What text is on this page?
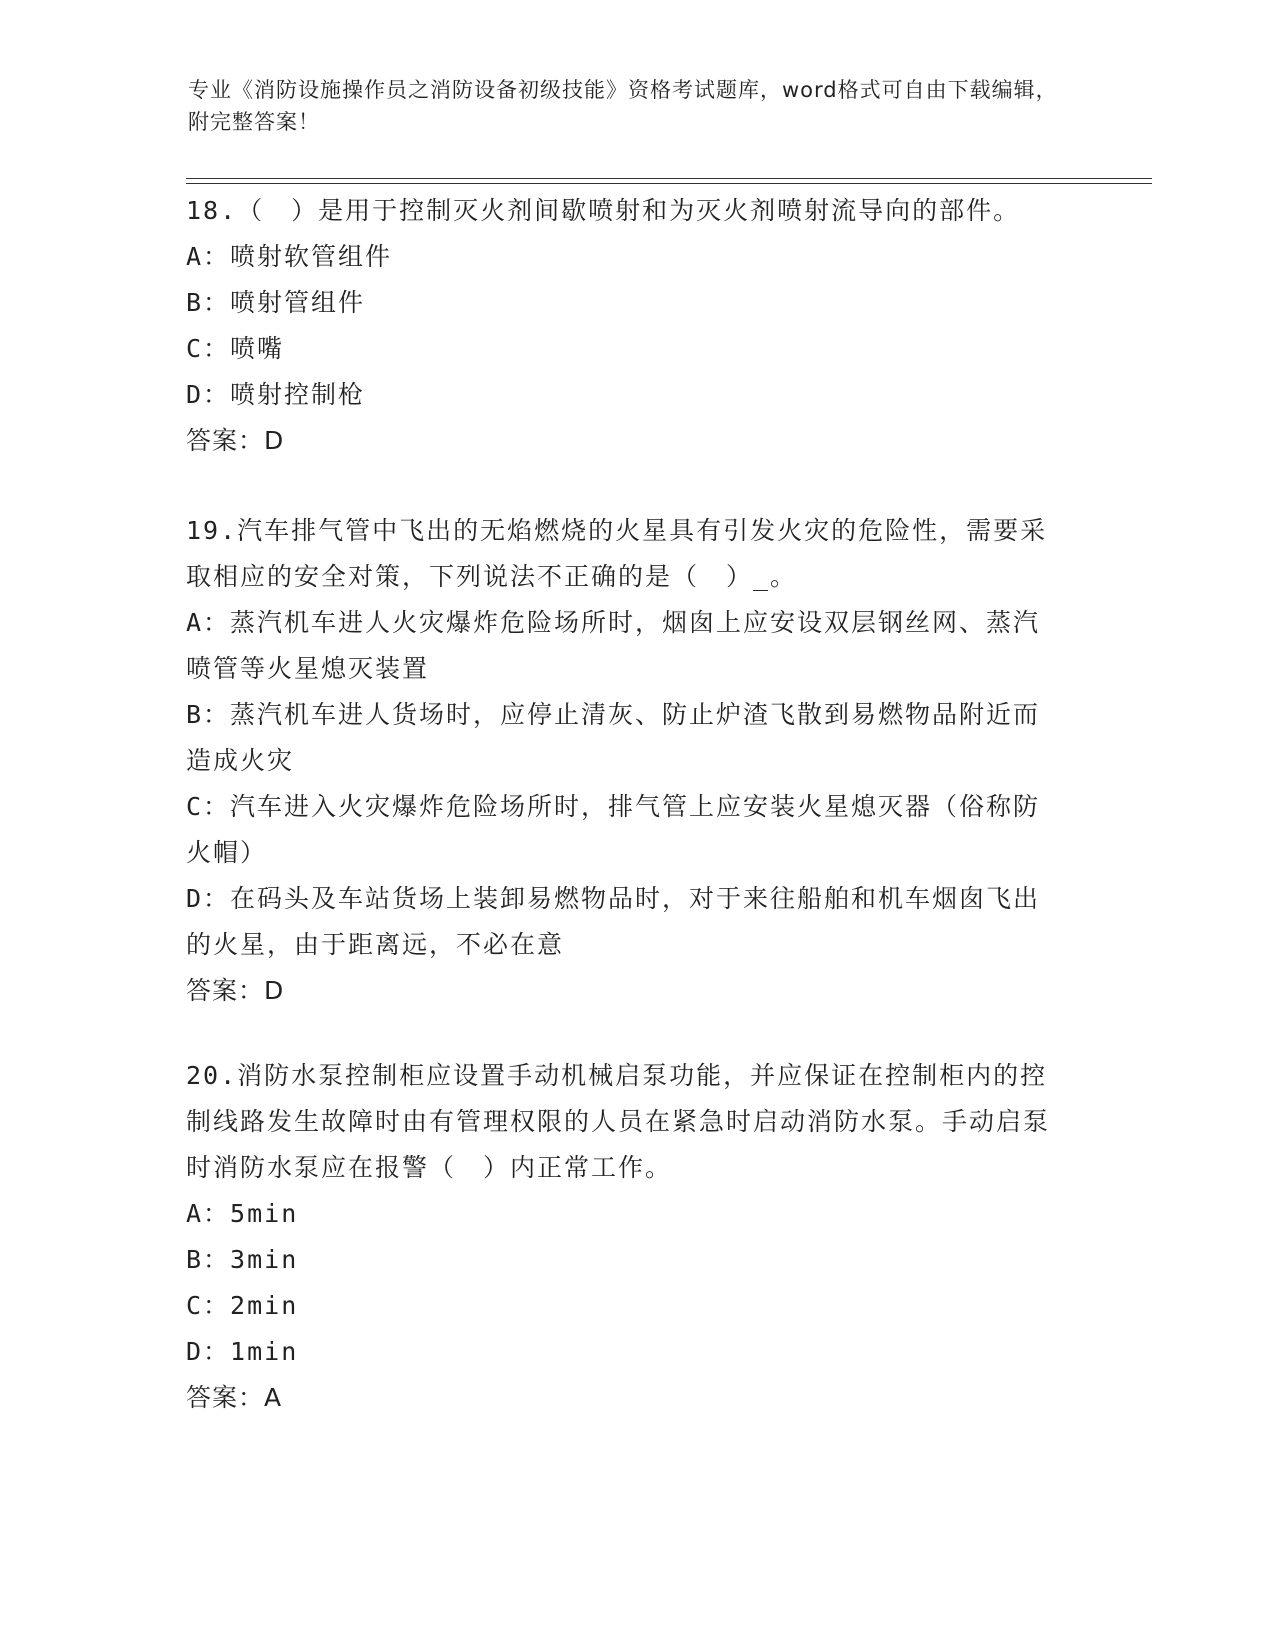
专业《消防设施操作员之消防设备初级技能》资格考试题库，word格式可自由下载编辑，附完整答案！

18.（　）是用于控制灭火剂间歇喷射和为灭火剂喷射流导向的部件。

A：喷射软管组件

B：喷射管组件

C：喷嘴

D：喷射控制枪

答案：D

19.汽车排气管中飞出的无焰燃烧的火星具有引发火灾的危险性，需要采取相应的安全对策，下列说法不正确的是（　）_。

A：蒸汽机车进人火灾爆炸危险场所时，烟囱上应安设双层钢丝网、蒸汽喷管等火星熄灭装置

B：蒸汽机车进人货场时，应停止清灰、防止炉渣飞散到易燃物品附近而造成火灾

C：汽车进入火灾爆炸危险场所时，排气管上应安装火星熄灭器（俗称防火帽）

D：在码头及车站货场上装卸易燃物品时，对于来往船舶和机车烟囱飞出的火星，由于距离远，不必在意

答案：D

20.消防水泵控制柜应设置手动机械启泵功能，并应保证在控制柜内的控制线路发生故障时由有管理权限的人员在紧急时启动消防水泵。手动启泵时消防水泵应在报警（　）内正常工作。

A：5min

B：3min

C：2min

D：1min

答案：A
